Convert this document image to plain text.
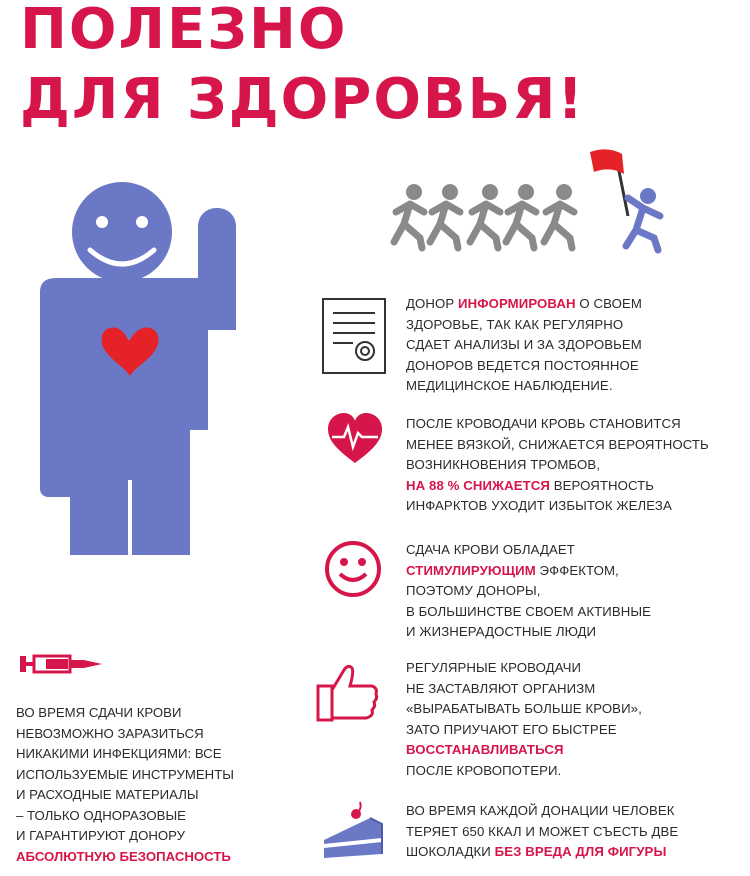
ПОЛЕЗНО
ДЛЯ ЗДОРОВЬЯ!
ДОНОР ИНФОРМИРОВАН О СВОЕМ
ЗДОРОВЬЕ, ТАК КАК РЕГУЛЯРНО
СДАЕТ АНАЛИЗЫ И ЗА ЗДОРОВЬЕМ
ДОНОРОВ ВЕДЕТСЯ ПОСТОЯННОЕ
МЕДИЦИНСКОЕ НАБЛЮДЕНИЕ.
ПОСЛЕ КРОВОДАЧИ КРОВЬ СТАНОВИТСЯ
МЕНЕЕ ВЯЗКОЙ, СНИЖАЕТСЯ ВЕРОЯТНОСТЬ
ВОЗНИКНОВЕНИЯ ТРОМБОВ,
НА 88 % СНИЖАЕТСЯ ВЕРОЯТНОСТЬ
ИНФАРКТОВ УХОДИТ ИЗБЫТОК ЖЕЛЕЗА
СДАЧА КРОВИ ОБЛАДАЕТ
СТИМУЛИРУЮЩИМ ЭФФЕКТОМ,
ПОЭТОМУ ДОНОРЫ,
В БОЛЬШИНСТВЕ СВОЕМ АКТИВНЫЕ
И ЖИЗНЕРАДОСТНЫЕ ЛЮДИ
РЕГУЛЯРНЫЕ КРОВОДАЧИ
НЕ ЗАСТАВЛЯЮТ ОРГАНИЗМ
«ВЫРАБАТЫВАТЬ БОЛЬШЕ КРОВИ»,
ЗАТО ПРИУЧАЮТ ЕГО БЫСТРЕЕ
ВОССТАНАВЛИВАТЬСЯ
ПОСЛЕ КРОВОПОТЕРИ.
ВО ВРЕМЯ КАЖДОЙ ДОНАЦИИ ЧЕЛОВЕК
ТЕРЯЕТ 650 ККАЛ И МОЖЕТ СЪЕСТЬ ДВЕ
ШОКОЛАДКИ БЕЗ ВРЕДА ДЛЯ ФИГУРЫ
ВО ВРЕМЯ СДАЧИ КРОВИ
НЕВОЗМОЖНО ЗАРАЗИТЬСЯ
НИКАКИМИ ИНФЕКЦИЯМИ: ВСЕ
ИСПОЛЬЗУЕМЫЕ ИНСТРУМЕНТЫ
И РАСХОДНЫЕ МАТЕРИАЛЫ
– ТОЛЬКО ОДНОРАЗОВЫЕ
И ГАРАНТИРУЮТ ДОНОРУ
АБСОЛЮТНУЮ БЕЗОПАСНОСТЬ
